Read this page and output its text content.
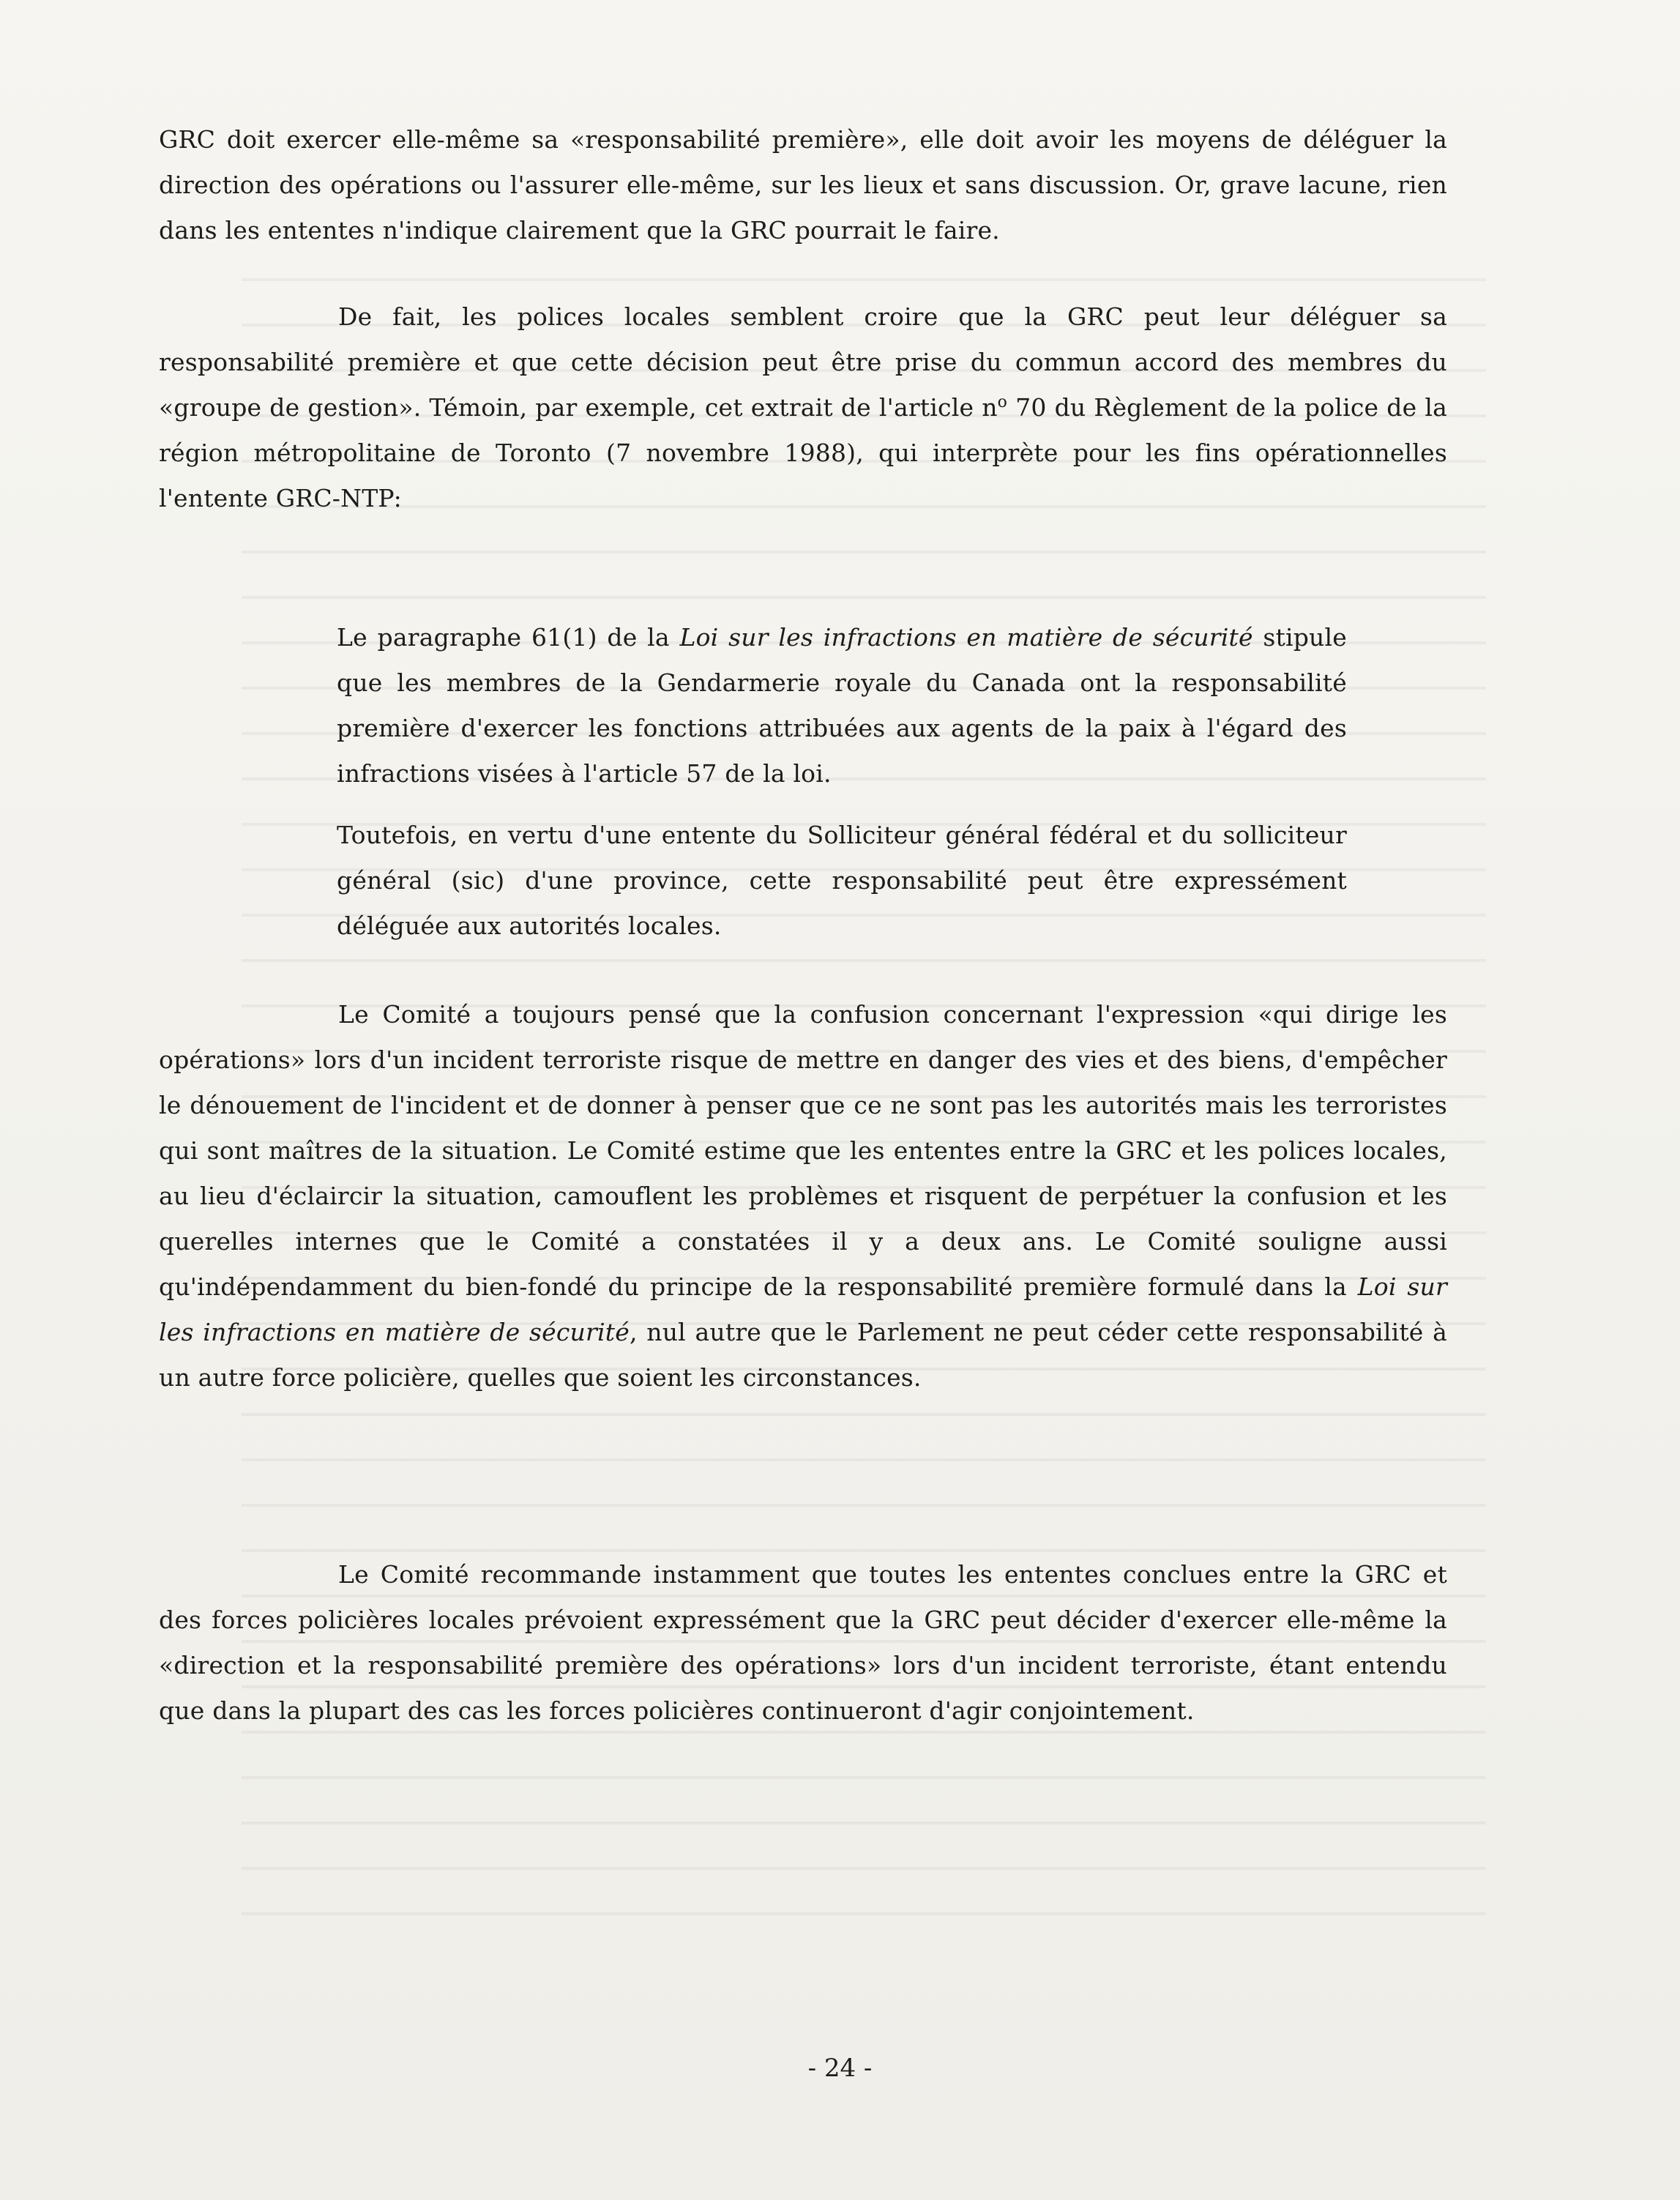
GRC doit exercer elle-même sa «responsabilité première», elle doit avoir les moyens de déléguer la direction des opérations ou l'assurer elle-même, sur les lieux et sans discussion. Or, grave lacune, rien dans les ententes n'indique clairement que la GRC pourrait le faire.

De fait, les polices locales semblent croire que la GRC peut leur déléguer sa responsabilité première et que cette décision peut être prise du commun accord des membres du «groupe de gestion». Témoin, par exemple, cet extrait de l'article $n^o$ 70 du Règlement de la police de la région métropolitaine de Toronto (7 novembre 1988), qui interprète pour les fins opérationnelles l'entente GRC-NTP:

Le paragraphe 61(1) de la Loi sur les infractions en matière de sécurité stipule que les membres de la Gendarmerie royale du Canada ont la responsabilité première d'exercer les fonctions attribuées aux agents de la paix à l'égard des infractions visées à l'article 57 de la loi.

Toutefois, en vertu d'une entente du Solliciteur général fédéral et du solliciteur général (sic) d'une province, cette responsabilité peut être expressément déléguée aux autorités locales.

Le Comité a toujours pensé que la confusion concernant l'expression «qui dirige les opérations» lors d'un incident terroriste risque de mettre en danger des vies et des biens, d'empêcher le dénouement de l'incident et de donner à penser que ce ne sont pas les autorités mais les terroristes qui sont maîtres de la situation. Le Comité estime que les ententes entre la GRC et les polices locales, au lieu d'éclaircir la situation, camouflent les problèmes et risquent de perpétuer la confusion et les querelles internes que le Comité a constatées il y a deux ans. Le Comité souligne aussi qu'indépendamment du bien-fondé du principe de la responsabilité première formulé dans la Loi sur les infractions en matière de sécurité, nul autre que le Parlement ne peut céder cette responsabilité à un autre force policière, quelles que soient les circonstances.

Le Comité recommande instamment que toutes les ententes conclues entre la GRC et des forces policières locales prévoient expressément que la GRC peut décider d'exercer elle-même la «direction et la responsabilité première des opérations» lors d'un incident terroriste, étant entendu que dans la plupart des cas les forces policières continueront d'agir conjointement.

- 24 -
